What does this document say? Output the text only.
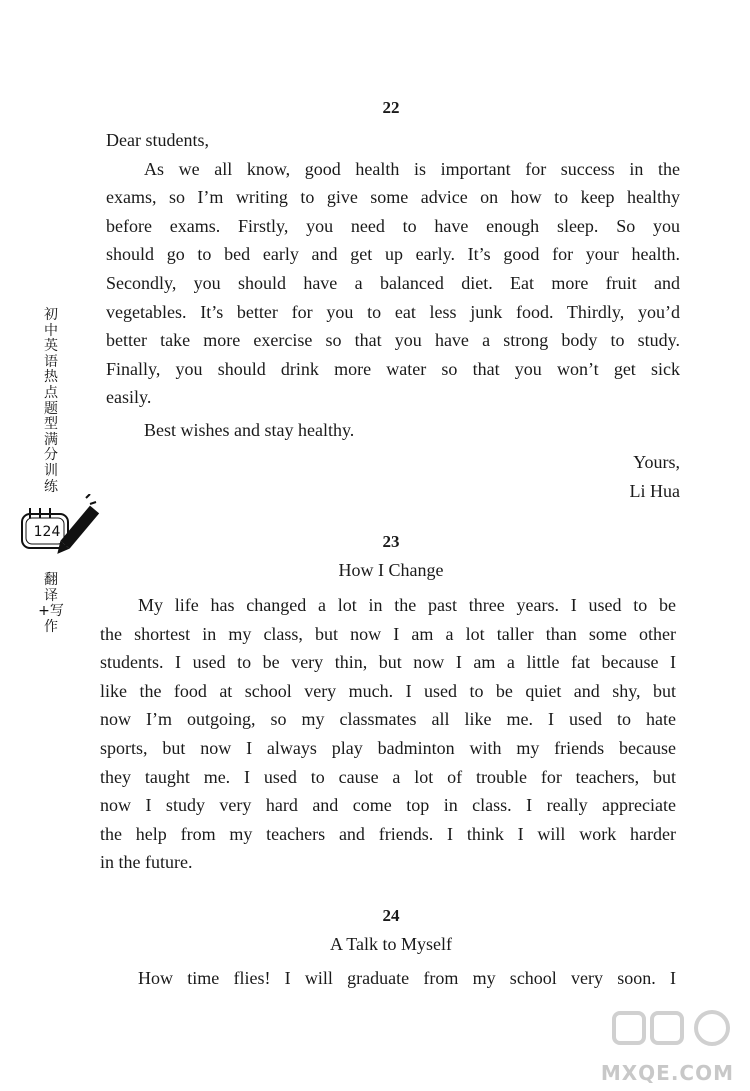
初中英语热点题型满分训练
124
翻译+写作
22
Dear students,
As we all know, good health is important for success in the
exams, so I’m writing to give some advice on how to keep healthy
before exams. Firstly, you need to have enough sleep. So you
should go to bed early and get up early. It’s good for your health.
Secondly, you should have a balanced diet. Eat more fruit and
vegetables. It’s better for you to eat less junk food. Thirdly, you’d
better take more exercise so that you have a strong body to study.
Finally, you should drink more water so that you won’t get sick
easily.
Best wishes and stay healthy.
Yours,
Li Hua
23
How I Change
My life has changed a lot in the past three years. I used to be
the shortest in my class, but now I am a lot taller than some other
students. I used to be very thin, but now I am a little fat because I
like the food at school very much. I used to be quiet and shy, but
now I’m outgoing, so my classmates all like me. I used to hate
sports, but now I always play badminton with my friends because
they taught me. I used to cause a lot of trouble for teachers, but
now I study very hard and come top in class. I really appreciate
the help from my teachers and friends. I think I will work harder
in the future.
24
A Talk to Myself
How time flies! I will graduate from my school very soon. I
MXQE.COM
